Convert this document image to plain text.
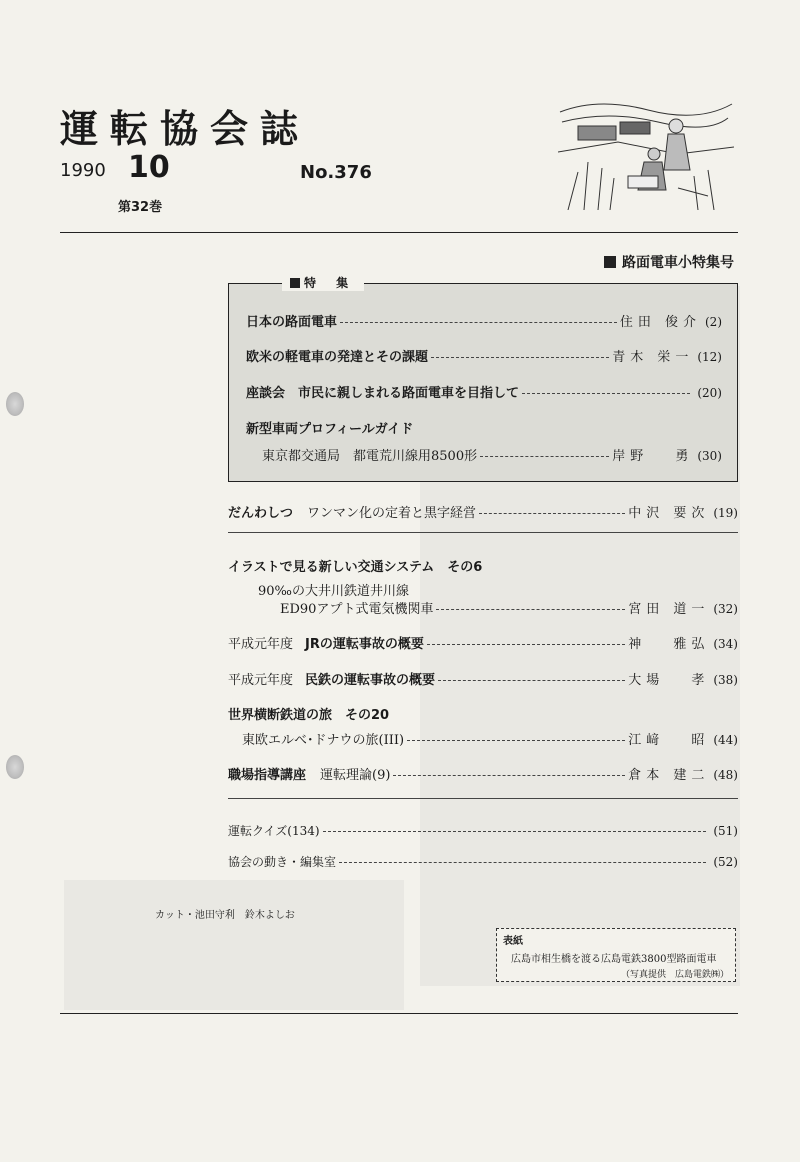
運転協会誌
1990 10
第32巻
No.376
路面電車小特集号
特 集
日本の路面電車	住田 俊介 (2)
欧米の軽電車の発達とその課題	青木 栄一 (12)
座談会　市民に親しまれる路面電車を目指して	(20)
新型車両プロフィールガイド
東京都交通局　都電荒川線用8500形	岸野 　勇 (30)
だんわしつ ワンマン化の定着と黒字経営	中沢 要次 (19)
イラストで見る新しい交通システム　その6
90‰の大井川鉄道井川線
ED90アプト式電気機関車	宮田 道一 (32)
平成元年度 JRの運転事故の概要	神 　雅弘 (34)
平成元年度 民鉄の運転事故の概要	大場 　孝 (38)
世界横断鉄道の旅　その20
東欧エルベ･ドナウの旅(III)	江﨑 　昭 (44)
職場指導講座 運転理論(9)	倉本 建二 (48)
運転クイズ(134)	(51)
協会の動き・編集室	(52)
カット・池田守利　鈴木よしお
表紙
広島市相生橋を渡る広島電鉄3800型路面電車
（写真提供　広島電鉄㈱）
